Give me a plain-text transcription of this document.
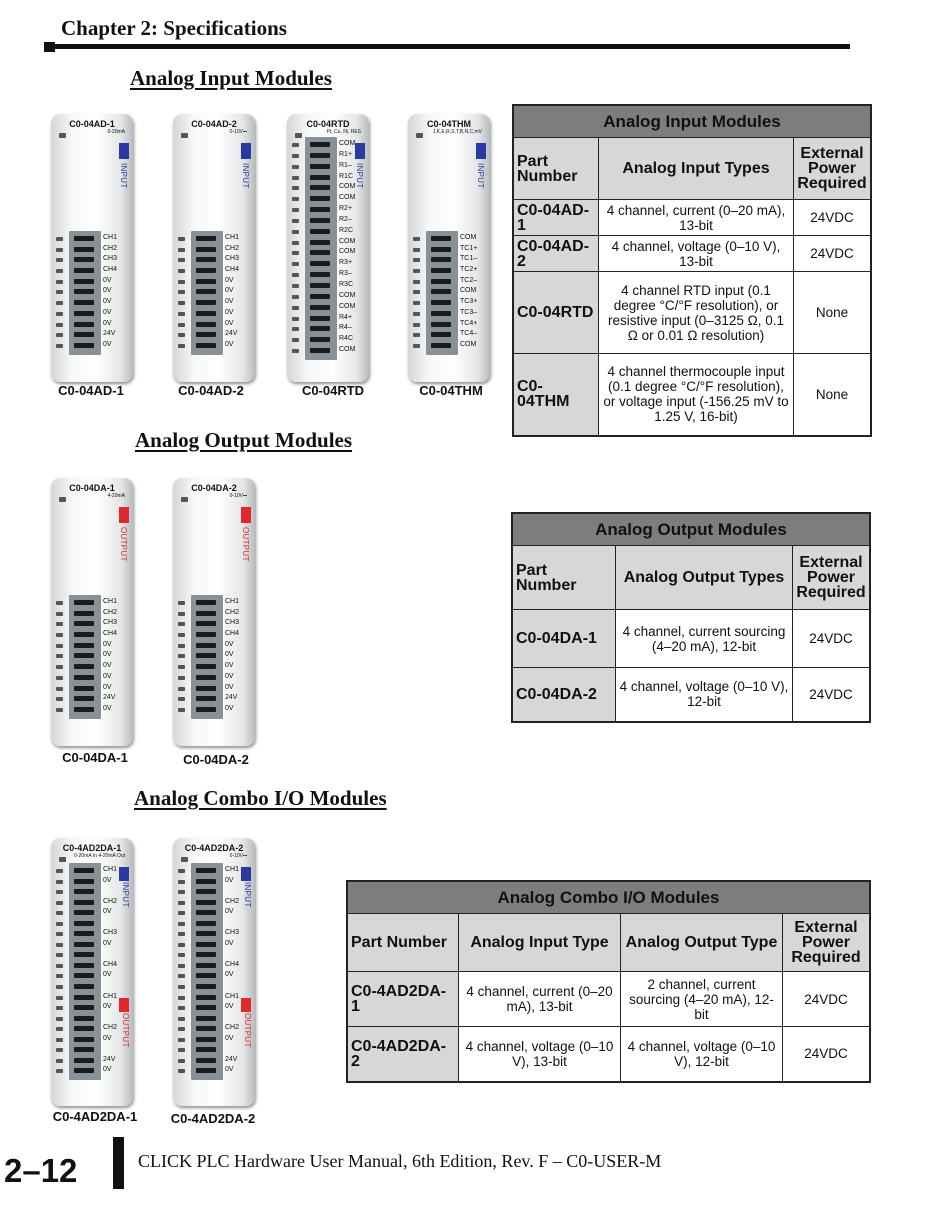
Chapter 2: Specifications
Analog Input Modules
Analog Output Modules
Analog Combo I/O Modules
C0-04AD-1
0-20mA
INPUT
CH1
CH2
CH3
CH4
0V
0V
0V
0V
0V
24V
0V
C0-04AD-1
C0-04AD-2
0-10V⎓
INPUT
CH1
CH2
CH3
CH4
0V
0V
0V
0V
0V
24V
0V
C0-04AD-2
C0-04RTD
Pt, Cu, Ni, RES
INPUT
COM
R1+
R1–
R1C
COM
COM
R2+
R2–
R2C
COM
COM
R3+
R3–
R3C
COM
COM
R4+
R4–
R4C
COM
C0-04RTD
C0-04THM
J,K,E,R,S,T,B,N,C,mV
INPUT
COM
TC1+
TC1–
TC2+
TC2–
COM
TC3+
TC3–
TC4+
TC4–
COM
C0-04THM
C0-04DA-1
4-20mA
OUTPUT
CH1
CH2
CH3
CH4
0V
0V
0V
0V
0V
24V
0V
C0-04DA-1
C0-04DA-2
0-10V⎓
OUTPUT
CH1
CH2
CH3
CH4
0V
0V
0V
0V
0V
24V
0V
C0-04DA-2
C0-4AD2DA-1
0-20mA In 4-20mA Out
INPUT
OUTPUT
CH1
0V
CH2
0V
CH3
0V
CH4
0V
CH1
0V
CH2
0V
24V
0V
C0-4AD2DA-1
C0-4AD2DA-2
0-10V⎓
INPUT
OUTPUT
CH1
0V
CH2
0V
CH3
0V
CH4
0V
CH1
0V
CH2
0V
24V
0V
C0-4AD2DA-2
Analog Input Modules		
Part Number	Analog Input Types	External Power Required
C0-04AD-1	4 channel, current (0–20 mA), 13-bit	24VDC
C0-04AD-2	4 channel, voltage (0–10 V), 13-bit	24VDC
C0-04RTD	4 channel RTD input (0.1 degree °C/°F resolution), or resistive input (0–3125 Ω, 0.1 Ω or 0.01 Ω resolution)	None
C0-04THM	4 channel thermocouple input (0.1 degree °C/°F resolution), or voltage input (-156.25 mV to 1.25 V, 16-bit)	None
Analog Output Modules		
Part Number	Analog Output Types	External Power Required
C0-04DA-1	4 channel, current sourcing (4–20 mA), 12-bit	24VDC
C0-04DA-2	4 channel, voltage (0–10 V), 12-bit	24VDC
Analog Combo I/O Modules			
Part Number	Analog Input Type	Analog Output Type	External Power Required
C0-4AD2DA-1	4 channel, current (0–20 mA), 13-bit	2 channel, current sourcing (4–20 mA), 12-bit	24VDC
C0-4AD2DA-2	4 channel, voltage (0–10 V), 13-bit	4 channel, voltage (0–10 V), 12-bit	24VDC
2–12	CLICK PLC Hardware User Manual, 6th Edition, Rev. F – C0-USER-M
